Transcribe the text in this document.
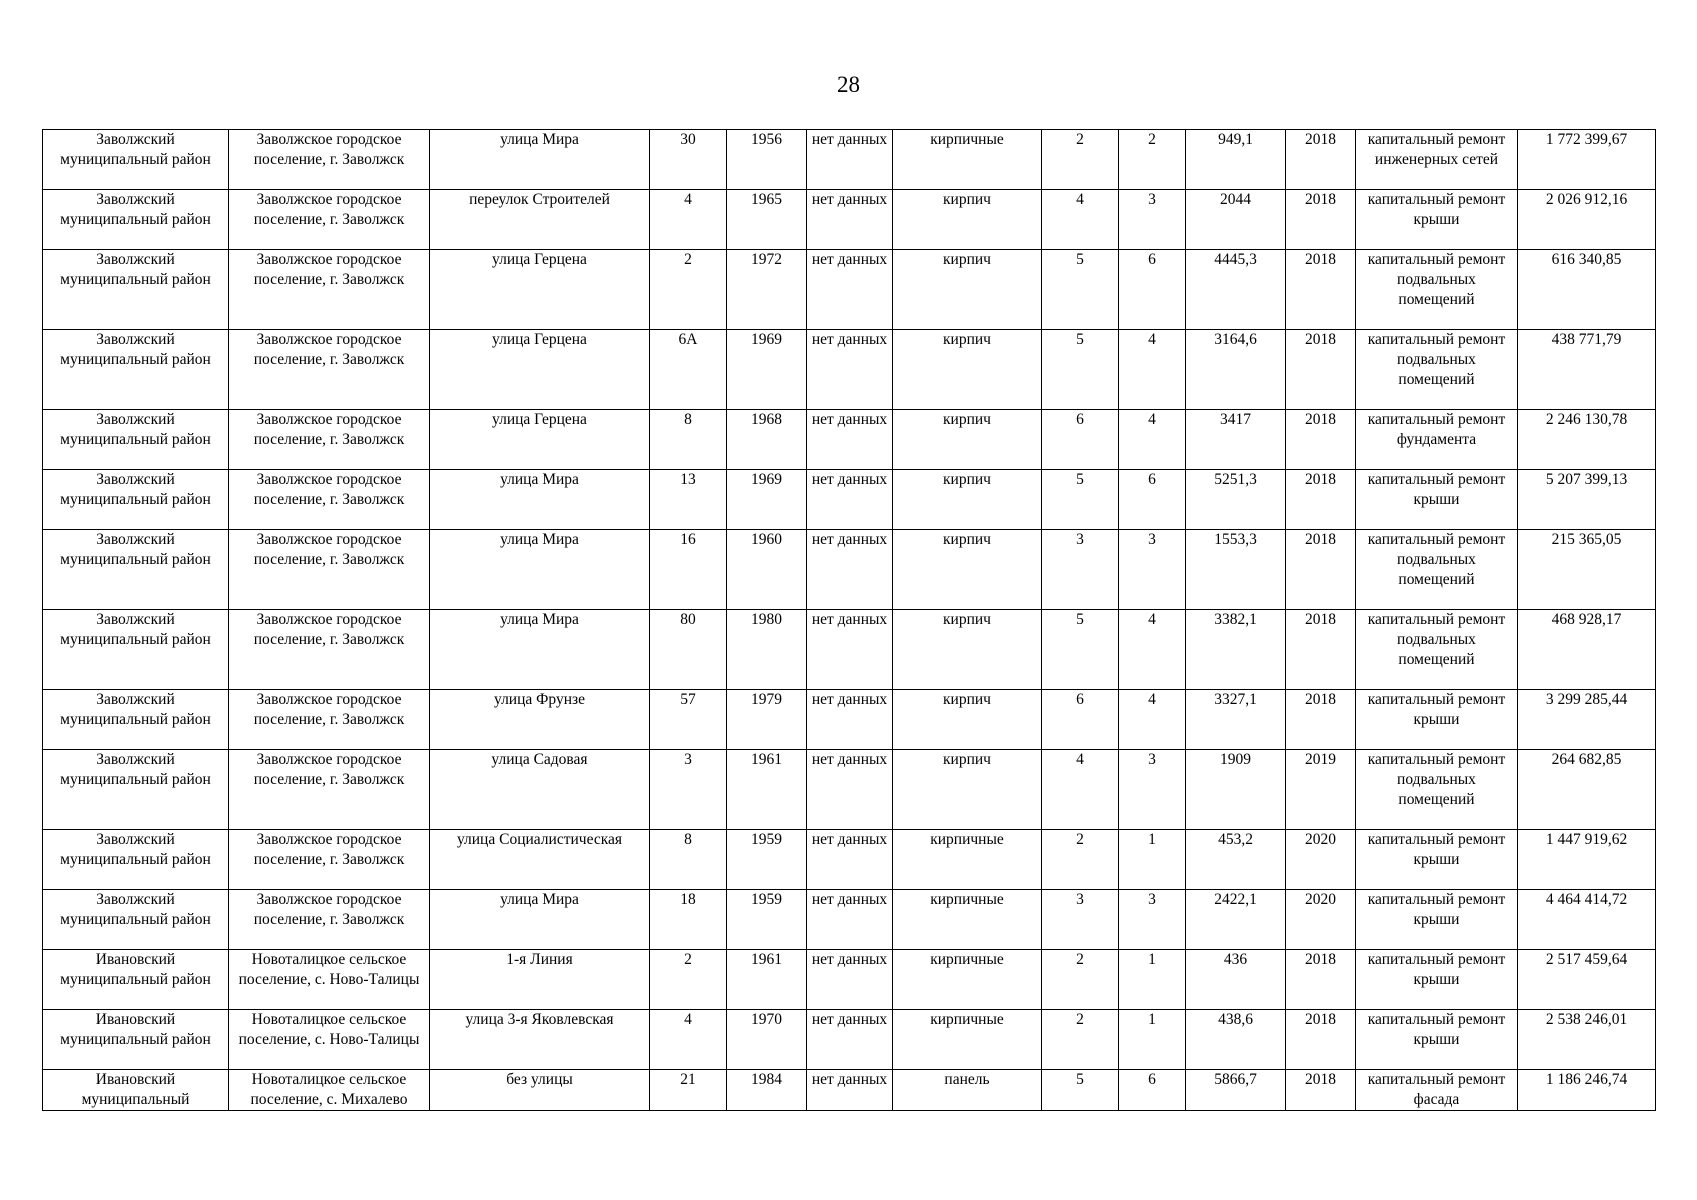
28
Заволжский муниципальный район	Заволжское городское поселение, г. Заволжск	улица Мира	30	1956	нет данных	кирпичные	2	2	949,1	2018	капитальный ремонт инженерных сетей	1 772 399,67
Заволжский муниципальный район	Заволжское городское поселение, г. Заволжск	переулок Строителей	4	1965	нет данных	кирпич	4	3	2044	2018	капитальный ремонт крыши	2 026 912,16
Заволжский муниципальный район	Заволжское городское поселение, г. Заволжск	улица Герцена	2	1972	нет данных	кирпич	5	6	4445,3	2018	капитальный ремонт подвальных помещений	616 340,85
Заволжский муниципальный район	Заволжское городское поселение, г. Заволжск	улица Герцена	6А	1969	нет данных	кирпич	5	4	3164,6	2018	капитальный ремонт подвальных помещений	438 771,79
Заволжский муниципальный район	Заволжское городское поселение, г. Заволжск	улица Герцена	8	1968	нет данных	кирпич	6	4	3417	2018	капитальный ремонт фундамента	2 246 130,78
Заволжский муниципальный район	Заволжское городское поселение, г. Заволжск	улица Мира	13	1969	нет данных	кирпич	5	6	5251,3	2018	капитальный ремонт крыши	5 207 399,13
Заволжский муниципальный район	Заволжское городское поселение, г. Заволжск	улица Мира	16	1960	нет данных	кирпич	3	3	1553,3	2018	капитальный ремонт подвальных помещений	215 365,05
Заволжский муниципальный район	Заволжское городское поселение, г. Заволжск	улица Мира	80	1980	нет данных	кирпич	5	4	3382,1	2018	капитальный ремонт подвальных помещений	468 928,17
Заволжский муниципальный район	Заволжское городское поселение, г. Заволжск	улица Фрунзе	57	1979	нет данных	кирпич	6	4	3327,1	2018	капитальный ремонт крыши	3 299 285,44
Заволжский муниципальный район	Заволжское городское поселение, г. Заволжск	улица Садовая	3	1961	нет данных	кирпич	4	3	1909	2019	капитальный ремонт подвальных помещений	264 682,85
Заволжский муниципальный район	Заволжское городское поселение, г. Заволжск	улица Социалистическая	8	1959	нет данных	кирпичные	2	1	453,2	2020	капитальный ремонт крыши	1 447 919,62
Заволжский муниципальный район	Заволжское городское поселение, г. Заволжск	улица Мира	18	1959	нет данных	кирпичные	3	3	2422,1	2020	капитальный ремонт крыши	4 464 414,72
Ивановский муниципальный район	Новоталицкое сельское поселение, с. Ново-Талицы	1-я Линия	2	1961	нет данных	кирпичные	2	1	436	2018	капитальный ремонт крыши	2 517 459,64
Ивановский муниципальный район	Новоталицкое сельское поселение, с. Ново-Талицы	улица 3-я Яковлевская	4	1970	нет данных	кирпичные	2	1	438,6	2018	капитальный ремонт крыши	2 538 246,01
Ивановский муниципальный	Новоталицкое сельское поселение, с. Михалево	без улицы	21	1984	нет данных	панель	5	6	5866,7	2018	капитальный ремонт фасада	1 186 246,74
